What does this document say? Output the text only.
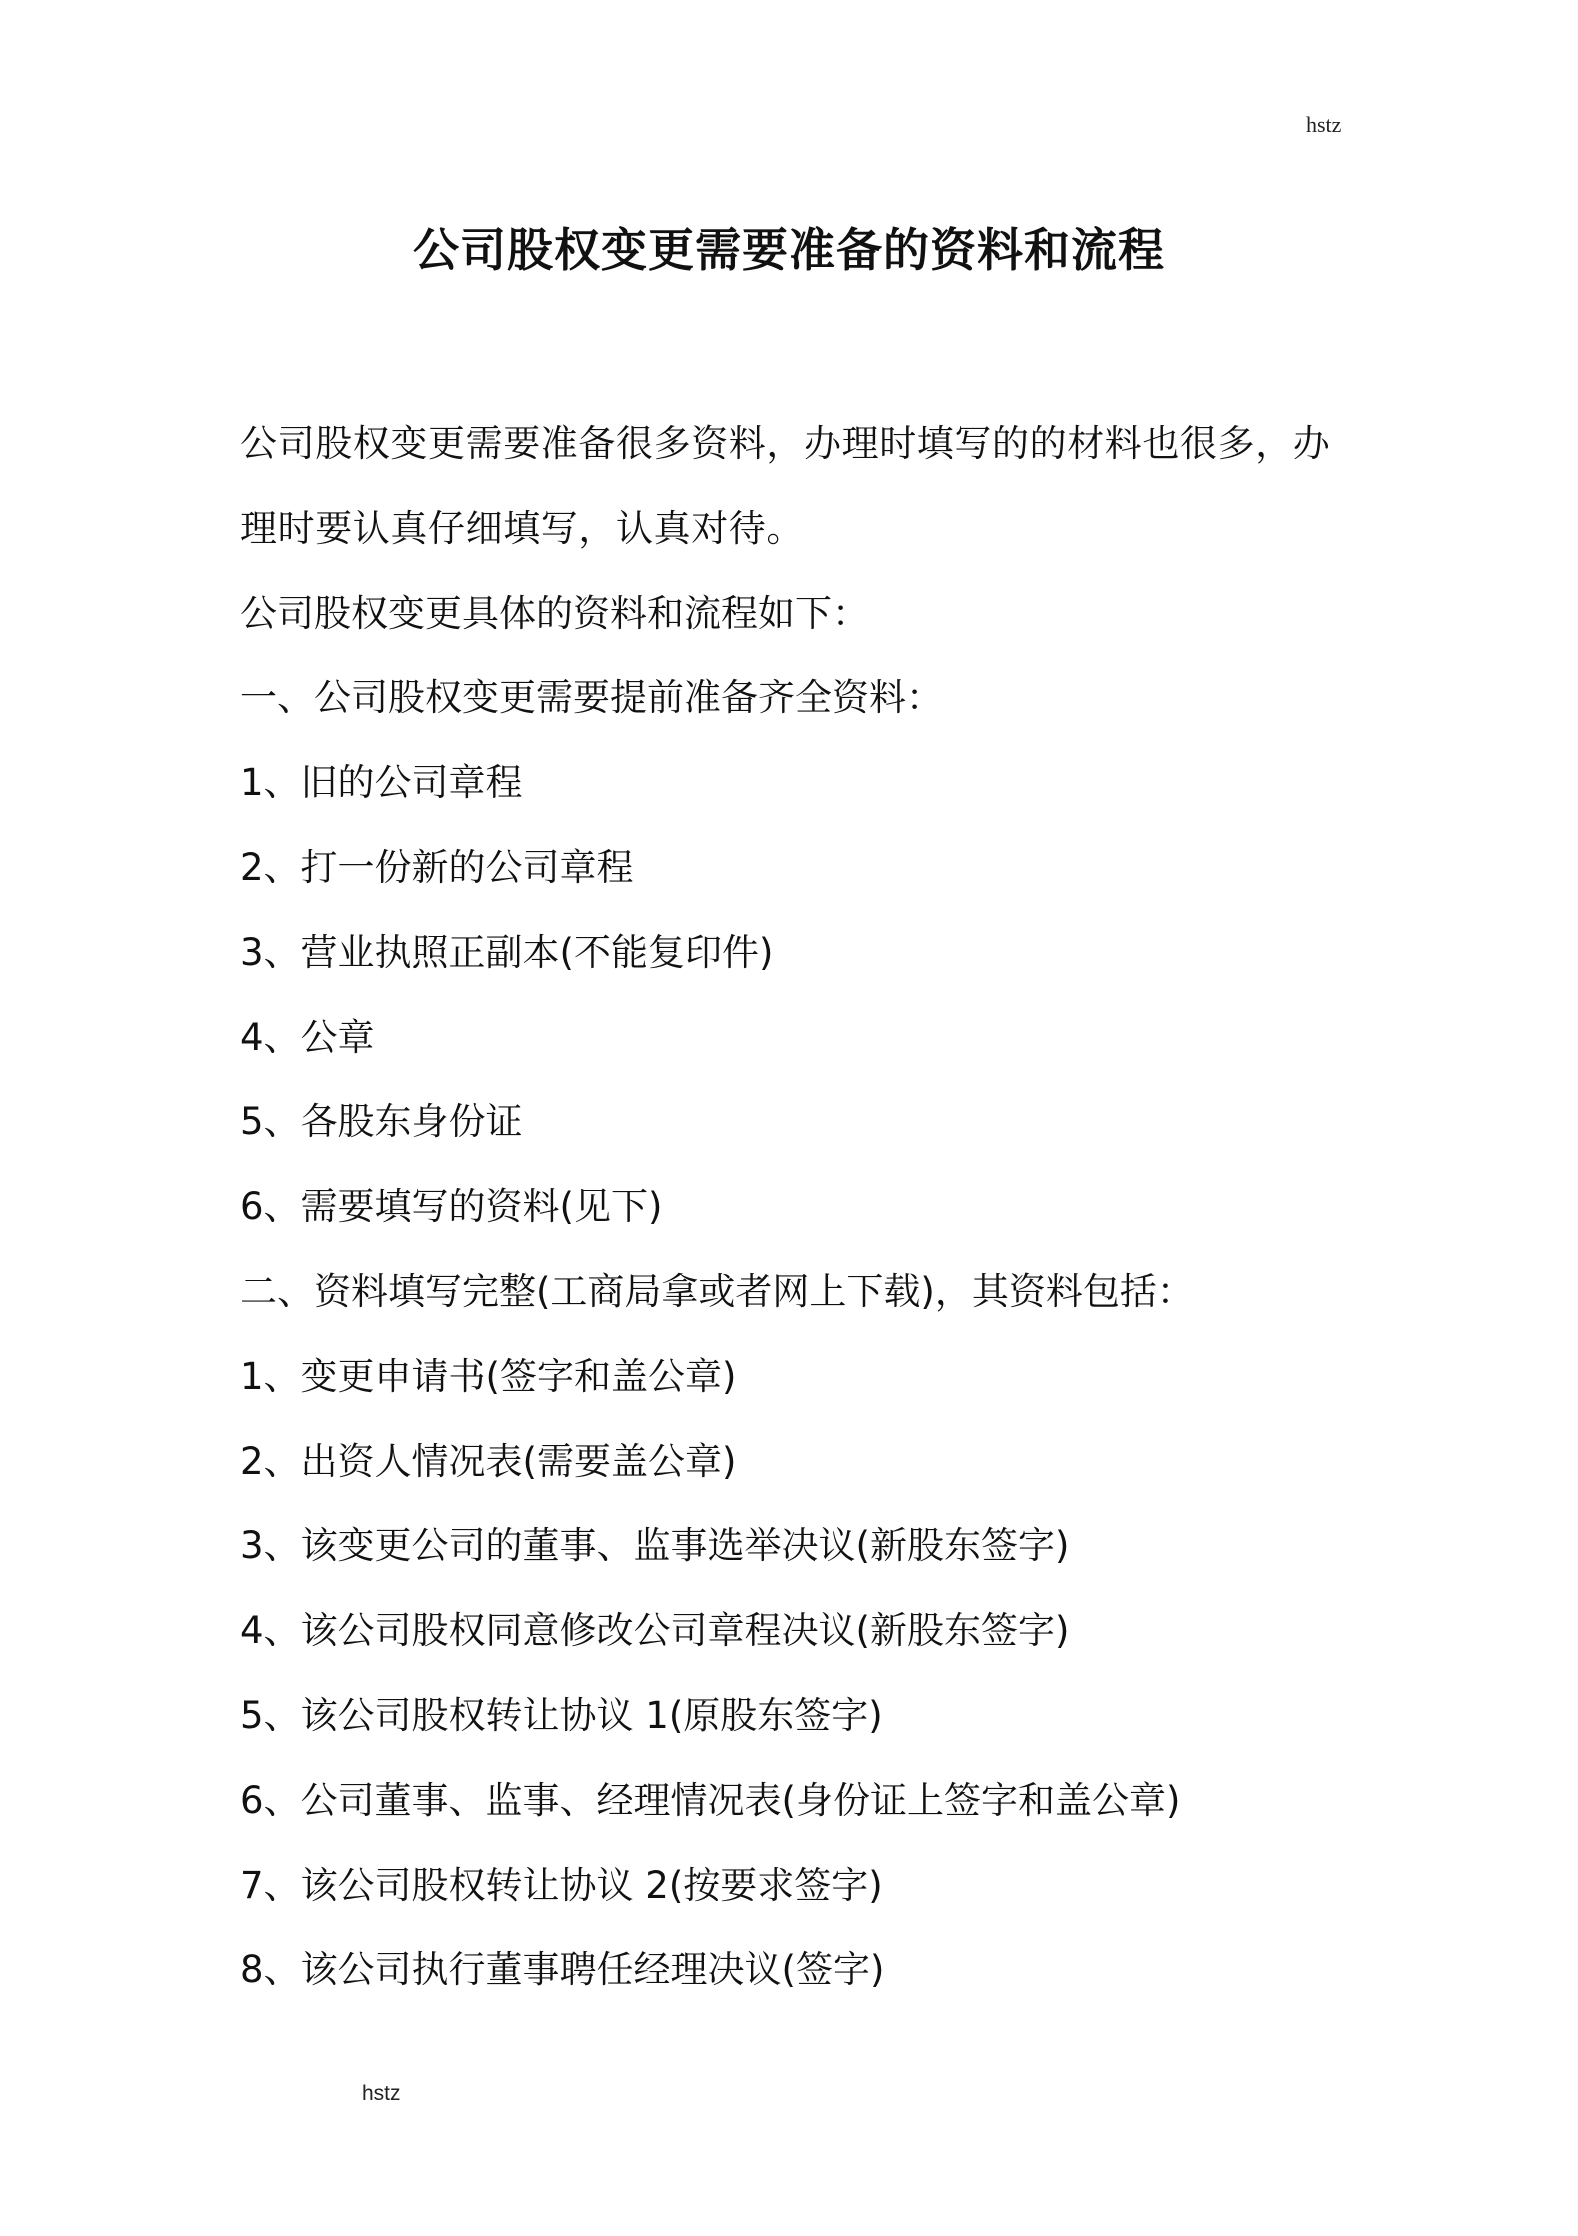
hstz
公司股权变更需要准备的资料和流程

公司股权变更需要准备很多资料，办理时填写的的材料也很多，办

理时要认真仔细填写，认真对待。

公司股权变更具体的资料和流程如下：

一、公司股权变更需要提前准备齐全资料：

1、旧的公司章程

2、打一份新的公司章程

3、营业执照正副本(不能复印件)

4、公章

5、各股东身份证

6、需要填写的资料(见下)

二、资料填写完整(工商局拿或者网上下载)，其资料包括：

1、变更申请书(签字和盖公章)

2、出资人情况表(需要盖公章)

3、该变更公司的董事、监事选举决议(新股东签字)

4、该公司股权同意修改公司章程决议(新股东签字)

5、该公司股权转让协议 1(原股东签字)

6、公司董事、监事、经理情况表(身份证上签字和盖公章)

7、该公司股权转让协议 2(按要求签字)

8、该公司执行董事聘任经理决议(签字)

hstz
